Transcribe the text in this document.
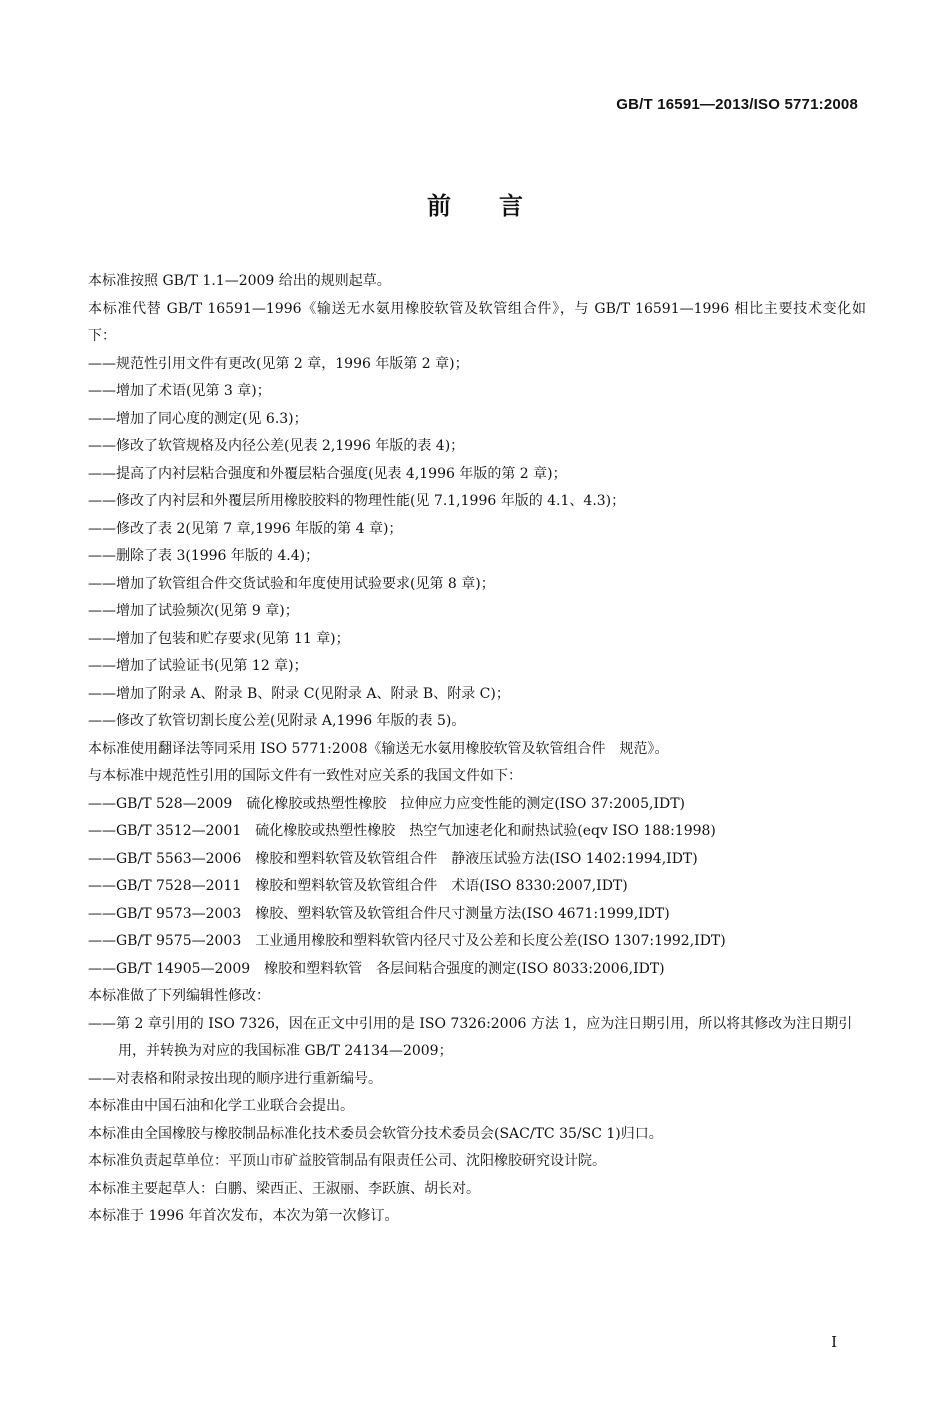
GB/T 16591—2013/ISO 5771:2008
前言

本标准按照 GB/T 1.1—2009 给出的规则起草。

本标准代替 GB/T 16591—1996《输送无水氨用橡胶软管及软管组合件》，与 GB/T 16591—1996 相比主要技术变化如下：

——规范性引用文件有更改(见第 2 章，1996 年版第 2 章)；

——增加了术语(见第 3 章)；

——增加了同心度的测定(见 6.3)；

——修改了软管规格及内径公差(见表 2,1996 年版的表 4)；

——提高了内衬层粘合强度和外覆层粘合强度(见表 4,1996 年版的第 2 章)；

——修改了内衬层和外覆层所用橡胶胶料的物理性能(见 7.1,1996 年版的 4.1、4.3)；

——修改了表 2(见第 7 章,1996 年版的第 4 章)；

——删除了表 3(1996 年版的 4.4)；

——增加了软管组合件交货试验和年度使用试验要求(见第 8 章)；

——增加了试验频次(见第 9 章)；

——增加了包装和贮存要求(见第 11 章)；

——增加了试验证书(见第 12 章)；

——增加了附录 A、附录 B、附录 C(见附录 A、附录 B、附录 C)；

——修改了软管切割长度公差(见附录 A,1996 年版的表 5)。

本标准使用翻译法等同采用 ISO 5771:2008《输送无水氨用橡胶软管及软管组合件　规范》。

与本标准中规范性引用的国际文件有一致性对应关系的我国文件如下：

——GB/T 528—2009　硫化橡胶或热塑性橡胶　拉伸应力应变性能的测定(ISO 37:2005,IDT)

——GB/T 3512—2001　硫化橡胶或热塑性橡胶　热空气加速老化和耐热试验(eqv ISO 188:1998)

——GB/T 5563—2006　橡胶和塑料软管及软管组合件　静液压试验方法(ISO 1402:1994,IDT)

——GB/T 7528—2011　橡胶和塑料软管及软管组合件　术语(ISO 8330:2007,IDT)

——GB/T 9573—2003　橡胶、塑料软管及软管组合件尺寸测量方法(ISO 4671:1999,IDT)

——GB/T 9575—2003　工业通用橡胶和塑料软管内径尺寸及公差和长度公差(ISO 1307:1992,IDT)

——GB/T 14905—2009　橡胶和塑料软管　各层间粘合强度的测定(ISO 8033:2006,IDT)

本标准做了下列编辑性修改：

——第 2 章引用的 ISO 7326，因在正文中引用的是 ISO 7326:2006 方法 1，应为注日期引用，所以将其修改为注日期引用，并转换为对应的我国标准 GB/T 24134—2009；

——对表格和附录按出现的顺序进行重新编号。

本标准由中国石油和化学工业联合会提出。

本标准由全国橡胶与橡胶制品标准化技术委员会软管分技术委员会(SAC/TC 35/SC 1)归口。

本标准负责起草单位：平顶山市矿益胶管制品有限责任公司、沈阳橡胶研究设计院。

本标准主要起草人：白鹏、梁西正、王淑丽、李跃旗、胡长对。

本标准于 1996 年首次发布，本次为第一次修订。

I
